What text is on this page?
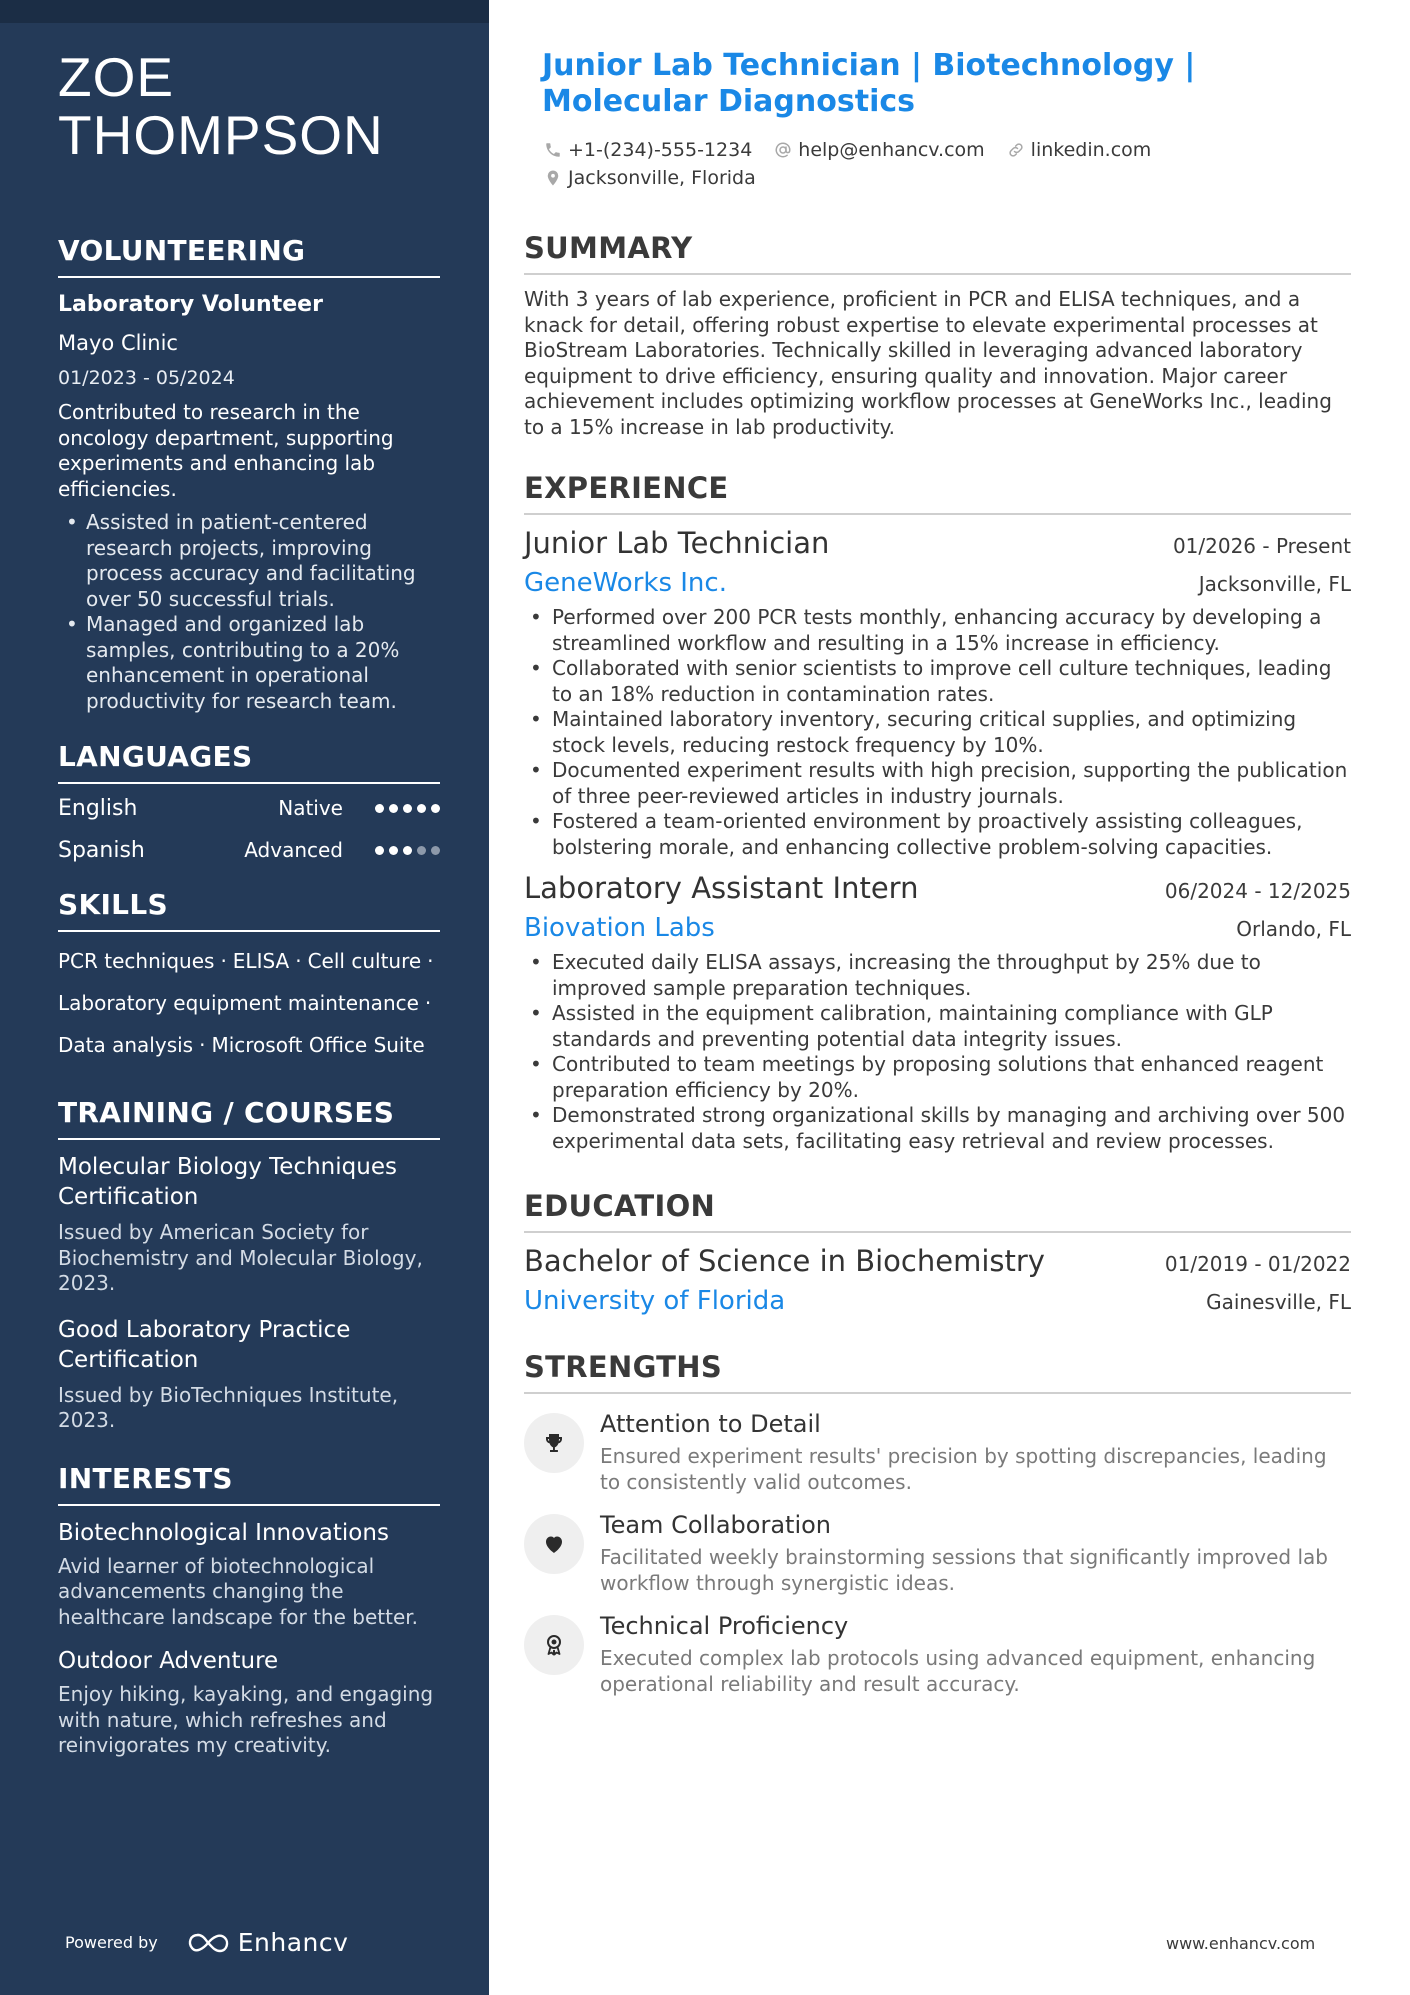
ZOE
THOMPSON
VOLUNTEERING
Laboratory Volunteer
Mayo Clinic
01/2023 - 05/2024

Contributed to research in the oncology department, supporting experiments and enhancing lab efficiencies.

• Assisted in patient-centered research projects, improving process accuracy and facilitating over 50 successful trials.
• Managed and organized lab samples, contributing to a 20% enhancement in operational productivity for research team.
LANGUAGES
English	Native
Spanish	Advanced
SKILLS
PCR techniques · ELISA · Cell culture ·
Laboratory equipment maintenance ·
Data analysis · Microsoft Office Suite
TRAINING / COURSES
Molecular Biology Techniques Certification
Issued by American Society for Biochemistry and Molecular Biology, 2023.
Good Laboratory Practice Certification
Issued by BioTechniques Institute, 2023.
INTERESTS
Biotechnological Innovations
Avid learner of biotechnological advancements changing the healthcare landscape for the better.
Outdoor Adventure
Enjoy hiking, kayaking, and engaging with nature, which refreshes and reinvigorates my creativity.
Powered by	Enhancv
Junior Lab Technician | Biotechnology | Molecular Diagnostics
+1-(234)-555-1234 help@enhancv.com linkedin.com
Jacksonville, Florida
SUMMARY

With 3 years of lab experience, proficient in PCR and ELISA techniques, and a knack for detail, offering robust expertise to elevate experimental processes at BioStream Laboratories. Technically skilled in leveraging advanced laboratory equipment to drive efficiency, ensuring quality and innovation. Major career achievement includes optimizing workflow processes at GeneWorks Inc., leading to a 15% increase in lab productivity.

EXPERIENCE
Junior Lab Technician	01/2026 - Present
GeneWorks Inc.	Jacksonville, FL
• Performed over 200 PCR tests monthly, enhancing accuracy by developing a streamlined workflow and resulting in a 15% increase in efficiency.
• Collaborated with senior scientists to improve cell culture techniques, leading to an 18% reduction in contamination rates.
• Maintained laboratory inventory, securing critical supplies, and optimizing stock levels, reducing restock frequency by 10%.
• Documented experiment results with high precision, supporting the publication of three peer-reviewed articles in industry journals.
• Fostered a team-oriented environment by proactively assisting colleagues, bolstering morale, and enhancing collective problem-solving capacities.
Laboratory Assistant Intern	06/2024 - 12/2025
Biovation Labs	Orlando, FL
• Executed daily ELISA assays, increasing the throughput by 25% due to improved sample preparation techniques.
• Assisted in the equipment calibration, maintaining compliance with GLP standards and preventing potential data integrity issues.
• Contributed to team meetings by proposing solutions that enhanced reagent preparation efficiency by 20%.
• Demonstrated strong organizational skills by managing and archiving over 500 experimental data sets, facilitating easy retrieval and review processes.
EDUCATION
Bachelor of Science in Biochemistry	01/2019 - 01/2022
University of Florida	Gainesville, FL
STRENGTHS
Attention to Detail
Ensured experiment results' precision by spotting discrepancies, leading to consistently valid outcomes.
Team Collaboration
Facilitated weekly brainstorming sessions that significantly improved lab workflow through synergistic ideas.
Technical Proficiency
Executed complex lab protocols using advanced equipment, enhancing operational reliability and result accuracy.
www.enhancv.com
